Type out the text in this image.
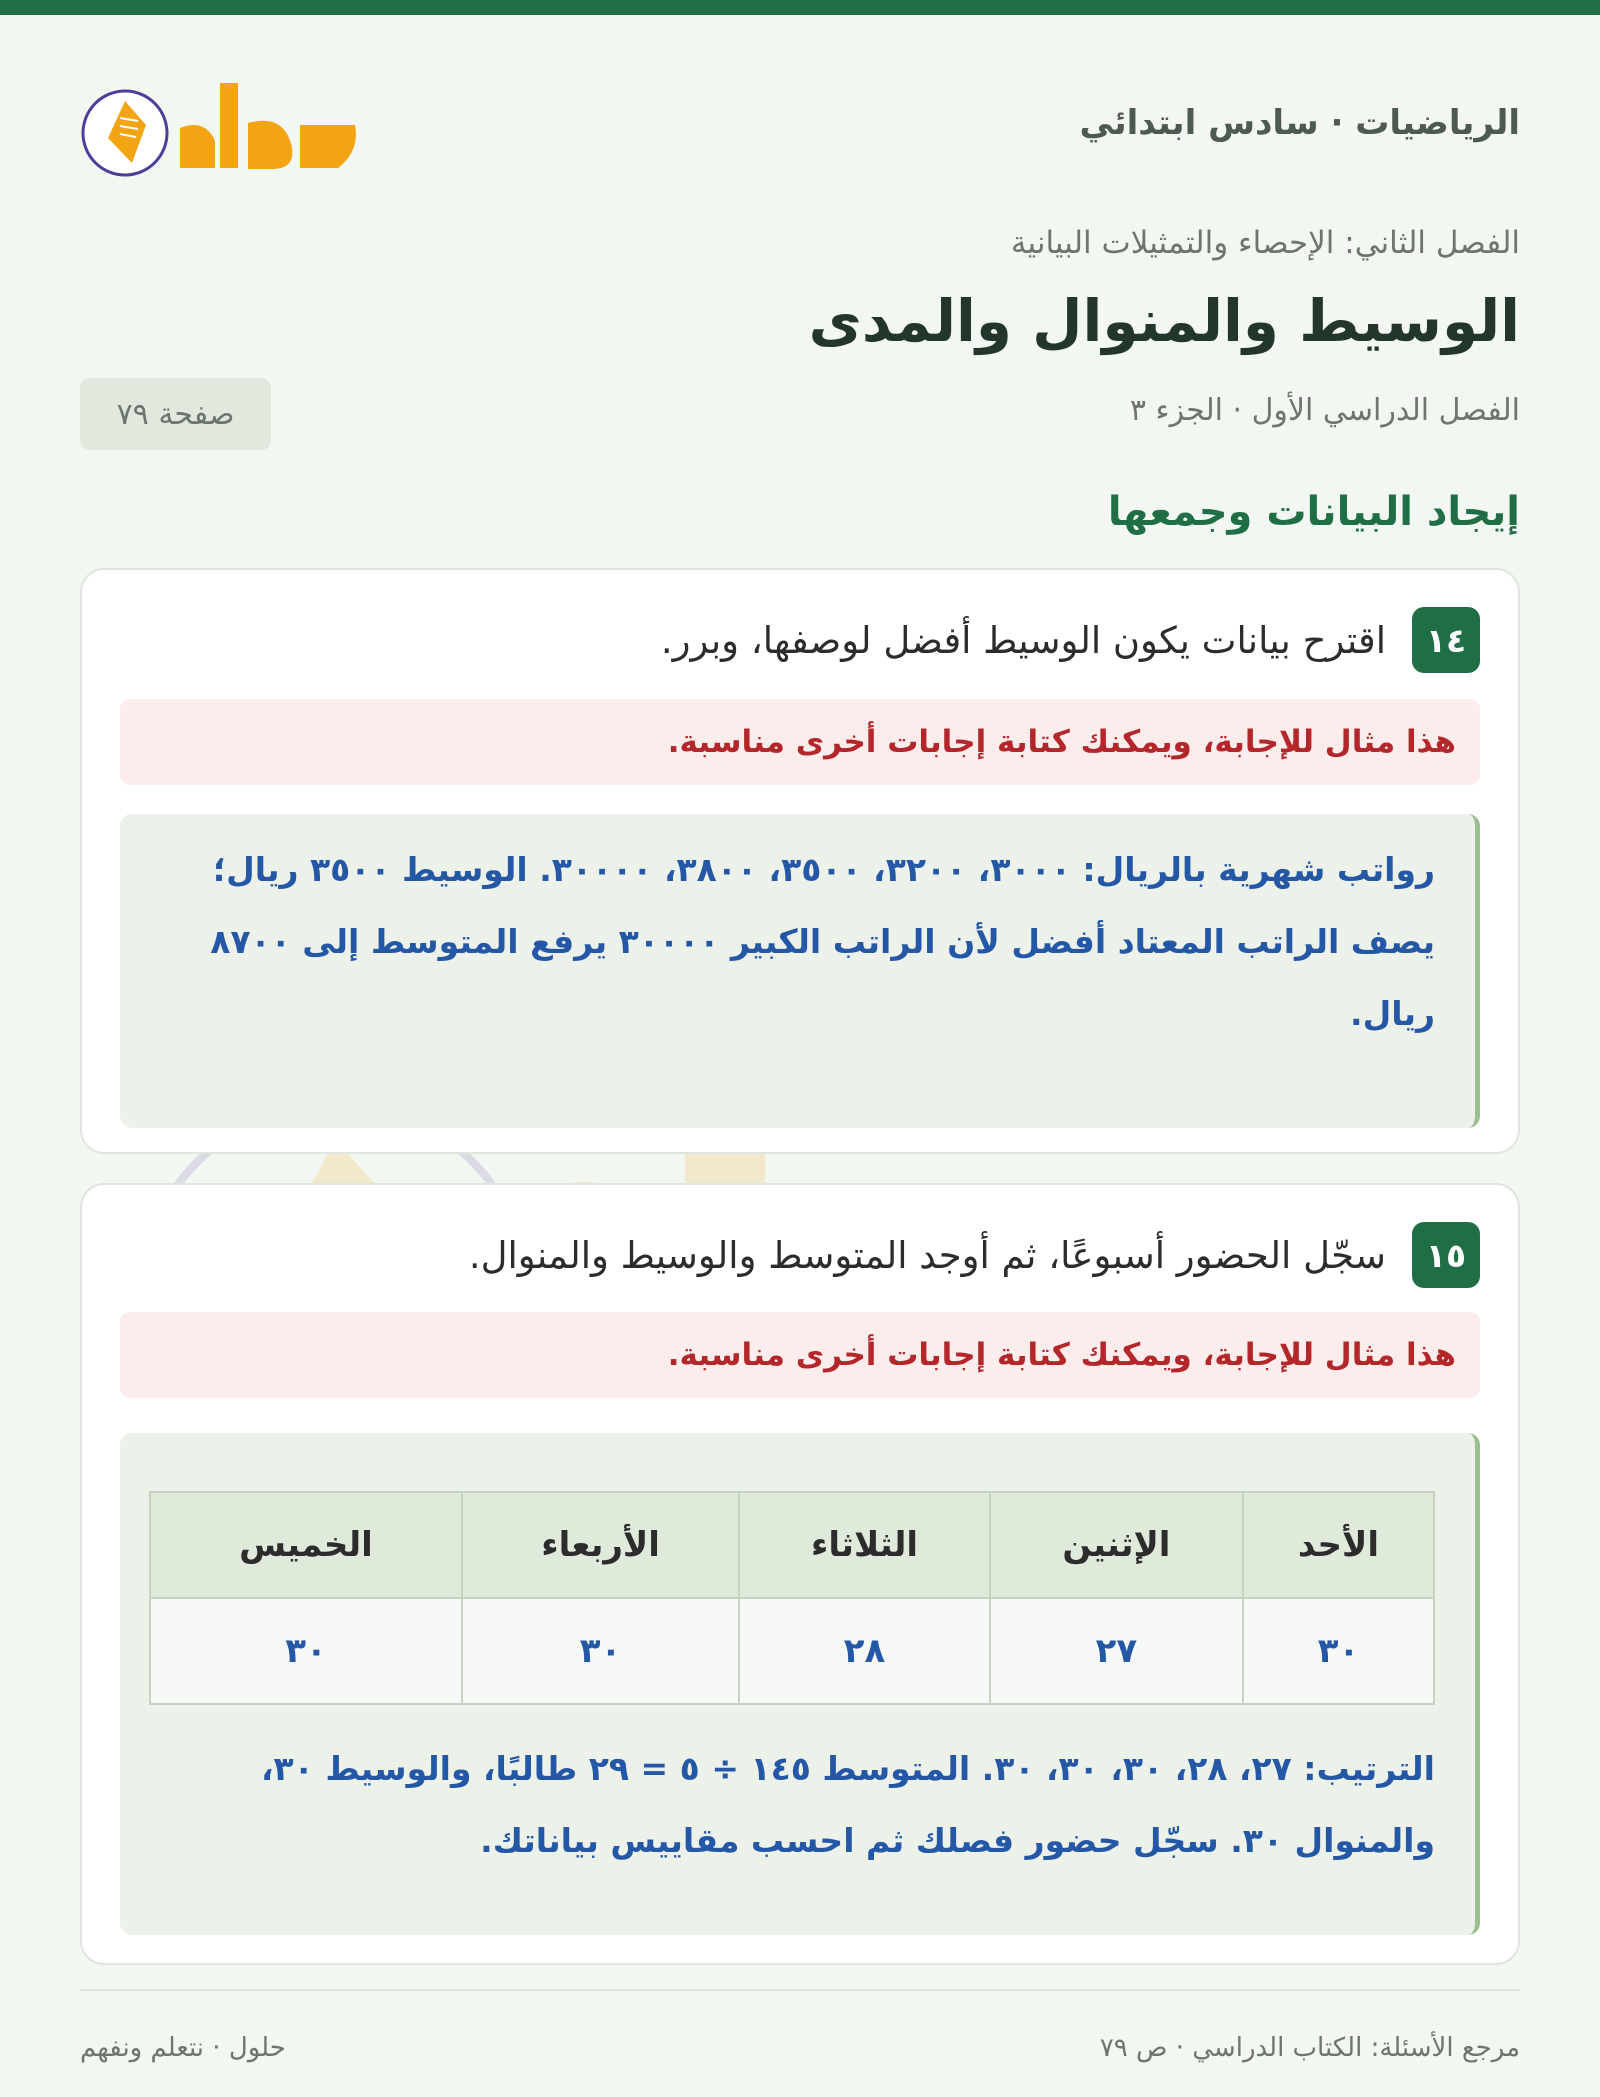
الرياضيات · سادس ابتدائي
الفصل الثاني: الإحصاء والتمثيلات البيانية
الوسيط والمنوال والمدى
الفصل الدراسي الأول · الجزء ٣
صفحة ٧٩
إيجاد البيانات وجمعها
١٤
اقترح بيانات يكون الوسيط أفضل لوصفها، وبرر.
هذا مثال للإجابة، ويمكنك كتابة إجابات أخرى مناسبة.
رواتب شهرية بالريال: ٣٠٠٠، ٣٢٠٠، ٣٥٠٠، ٣٨٠٠، ٣٠٠٠٠. الوسيط ٣٥٠٠ ريال؛ يصف الراتب المعتاد أفضل لأن الراتب الكبير ٣٠٠٠٠ يرفع المتوسط إلى ٨٧٠٠ ريال.
١٥
سجّل الحضور أسبوعًا، ثم أوجد المتوسط والوسيط والمنوال.
هذا مثال للإجابة، ويمكنك كتابة إجابات أخرى مناسبة.
الأحد	الإثنين	الثلاثاء	الأربعاء	الخميس
٣٠	٢٧	٢٨	٣٠	٣٠
الترتيب: ٢٧، ٢٨، ٣٠، ٣٠، ٣٠. المتوسط ١٤٥ ÷ ٥ = ٢٩ طالبًا، والوسيط ٣٠، والمنوال ٣٠. سجّل حضور فصلك ثم احسب مقاييس بياناتك.
مرجع الأسئلة: الكتاب الدراسي · ص ٧٩
حلول · نتعلم ونفهم
